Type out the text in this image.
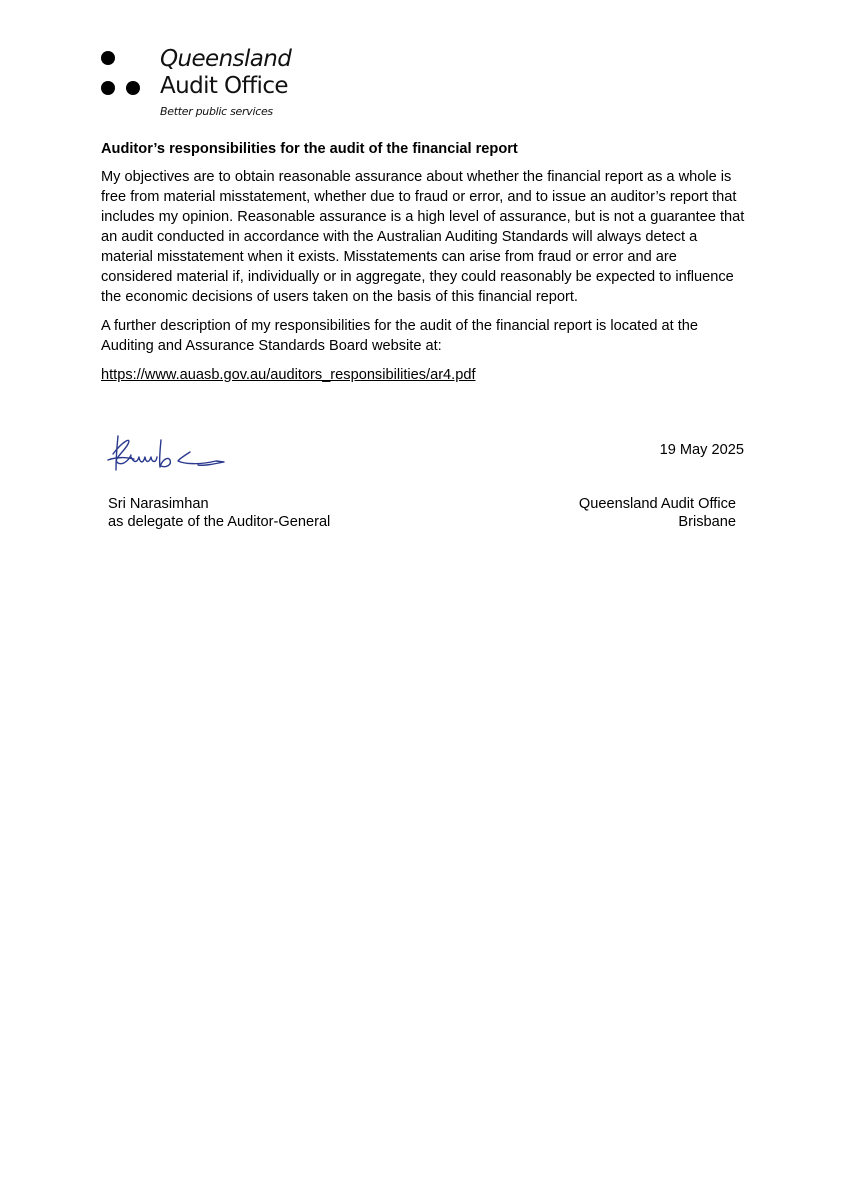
Queensland
Audit Office
Better public services
Auditor’s responsibilities for the audit of the financial report

My objectives are to obtain reasonable assurance about whether the financial report as a whole is free from material misstatement, whether due to fraud or error, and to issue an auditor’s report that includes my opinion. Reasonable assurance is a high level of assurance, but is not a guarantee that an audit conducted in accordance with the Australian Auditing Standards will always detect a material misstatement when it exists. Misstatements can arise from fraud or error and are considered material if, individually or in aggregate, they could reasonably be expected to influence the economic decisions of users taken on the basis of this financial report.

A further description of my responsibilities for the audit of the financial report is located at the Auditing and Assurance Standards Board website at:

https://www.auasb.gov.au/auditors_responsibilities/ar4.pdf
19 May 2025
Sri Narasimhan
as delegate of the Auditor-General
Queensland Audit Office
Brisbane
